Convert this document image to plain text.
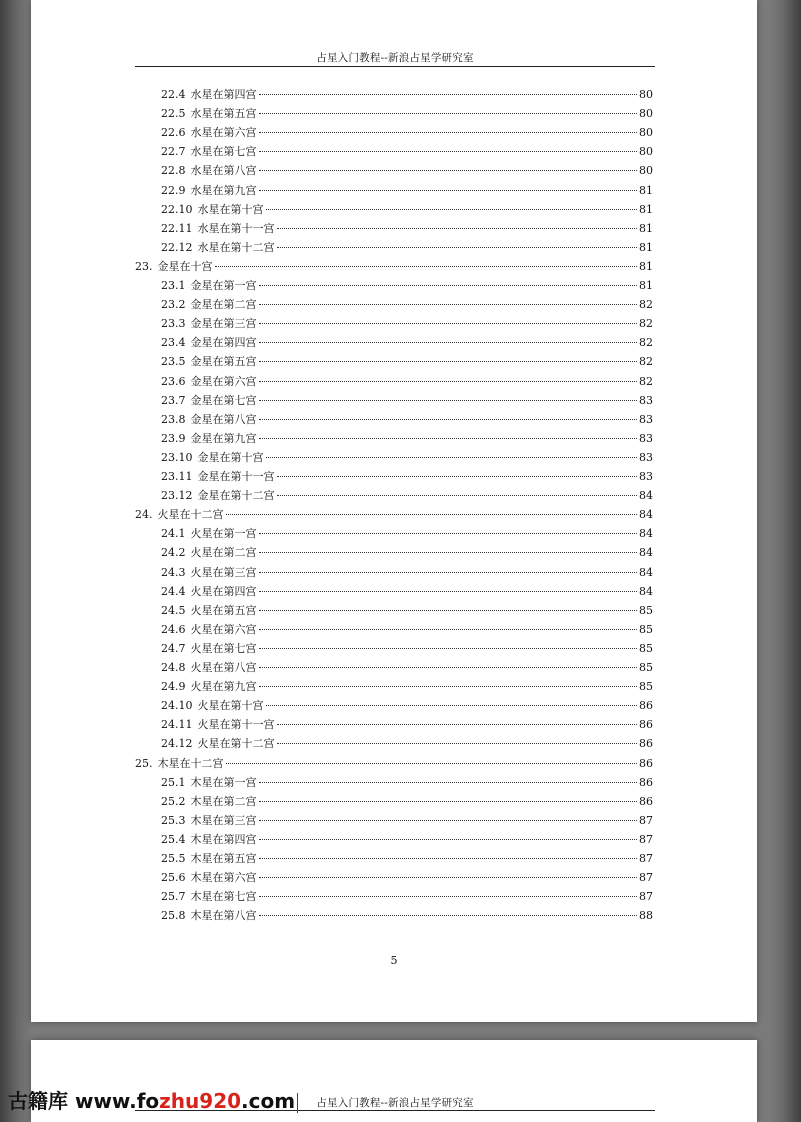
占星入门教程--新浪占星学研究室
22.4 水星在第四宫	80
22.5 水星在第五宫	80
22.6 水星在第六宫	80
22.7 水星在第七宫	80
22.8 水星在第八宫	80
22.9 水星在第九宫	81
22.10 水星在第十宫	81
22.11 水星在第十一宫	81
22.12 水星在第十二宫	81
23. 金星在十宫	81
23.1 金星在第一宫	81
23.2 金星在第二宫	82
23.3 金星在第三宫	82
23.4 金星在第四宫	82
23.5 金星在第五宫	82
23.6 金星在第六宫	82
23.7 金星在第七宫	83
23.8 金星在第八宫	83
23.9 金星在第九宫	83
23.10 金星在第十宫	83
23.11 金星在第十一宫	83
23.12 金星在第十二宫	84
24. 火星在十二宫	84
24.1 火星在第一宫	84
24.2 火星在第二宫	84
24.3 火星在第三宫	84
24.4 火星在第四宫	84
24.5 火星在第五宫	85
24.6 火星在第六宫	85
24.7 火星在第七宫	85
24.8 火星在第八宫	85
24.9 火星在第九宫	85
24.10 火星在第十宫	86
24.11 火星在第十一宫	86
24.12 火星在第十二宫	86
25. 木星在十二宫	86
25.1 木星在第一宫	86
25.2 木星在第二宫	86
25.3 木星在第三宫	87
25.4 木星在第四宫	87
25.5 木星在第五宫	87
25.6 木星在第六宫	87
25.7 木星在第七宫	87
25.8 木星在第八宫	88
5
占星入门教程--新浪占星学研究室
古籍库 www.fozhu920.com
